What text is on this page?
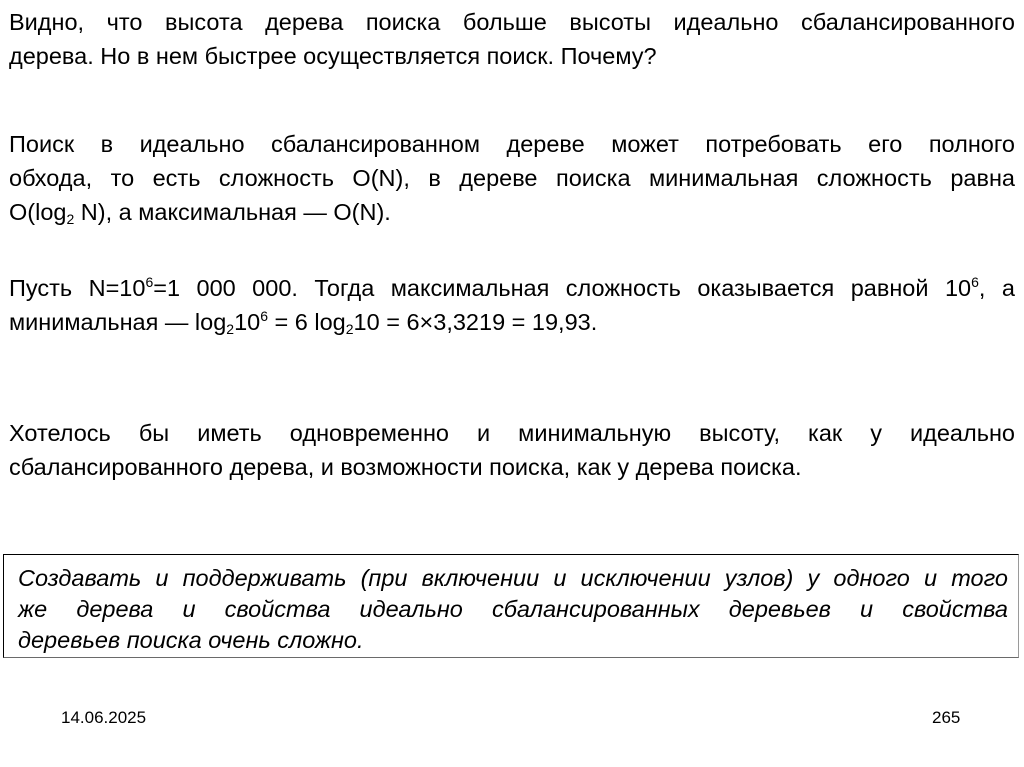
Видно, что высота дерева поиска больше высоты идеально сбалансированного
дерева. Но в нем быстрее осуществляется поиск. Почему?
Поиск в идеально сбалансированном дереве может потребовать его полного
обхода, то есть сложность O(N), в дереве поиска минимальная сложность равна
$O(\log_2$ N), а максимальная — O(N).
Пусть $N=10^6=1$ 000 000. Тогда максимальная сложность оказывается равной $10^6$, а
минимальная — $\log_210^6 = 6$ $\log_210 = 6\times 3,3219 = 19,93$.
Хотелось бы иметь одновременно и минимальную высоту, как у идеально
сбалансированного дерева, и возможности поиска, как у дерева поиска.
Создавать и поддерживать (при включении и исключении узлов) у одного и того
же дерева и свойства идеально сбалансированных деревьев и свойства
деревьев поиска очень сложно.
14.06.2025	265
